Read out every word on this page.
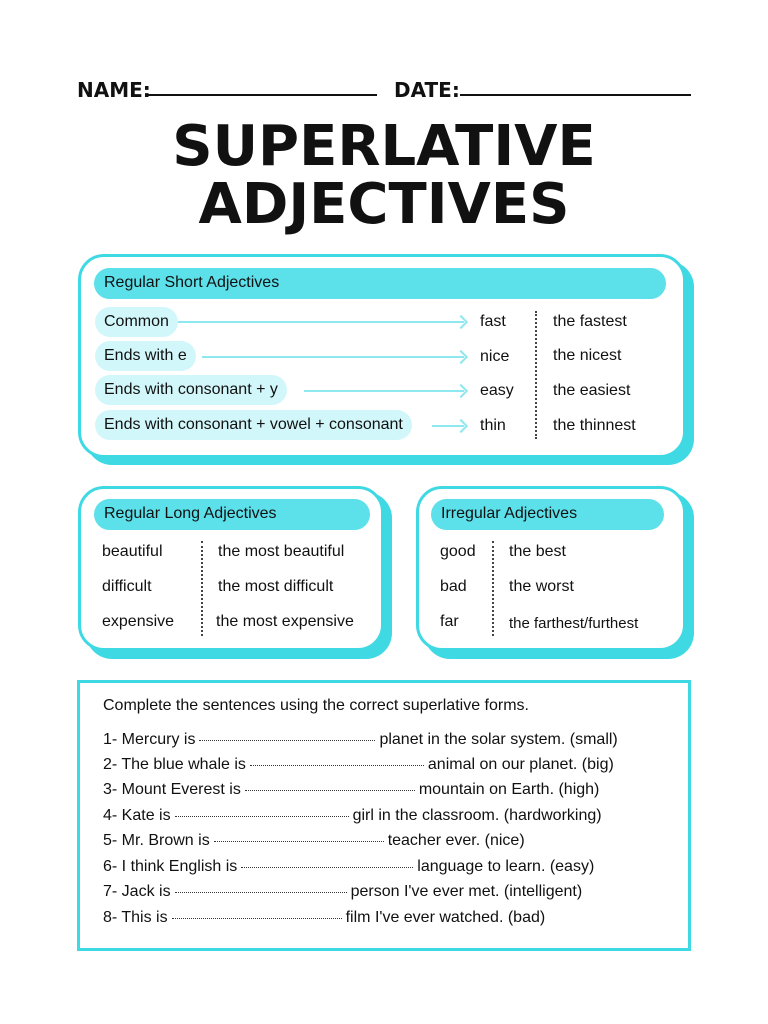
NAME:	DATE:
SUPERLATIVE
ADJECTIVES
Regular Short Adjectives
Common	fast	the fastest
Ends with e	nice	the nicest
Ends with consonant + y	easy the easiest
Ends with consonant + vowel + consonant	thin	the thinnest
Regular Long Adjectives
beautiful	the most beautiful
difficult	the most difficult
expensive	the most expensive
Irregular Adjectives
good the best
bad	the worst
far	the farthest/furthest
Complete the sentences using the correct superlative forms.
1- Mercury is	planet in the solar system. (small)
2- The blue whale is	animal on our planet. (big)
3- Mount Everest is	mountain on Earth. (high)
4- Kate is	girl in the classroom. (hardworking)
5- Mr. Brown is	teacher ever. (nice)
6- I think English is	language to learn. (easy)
7- Jack is	person I've ever met. (intelligent)
8- This is	film I've ever watched. (bad)
